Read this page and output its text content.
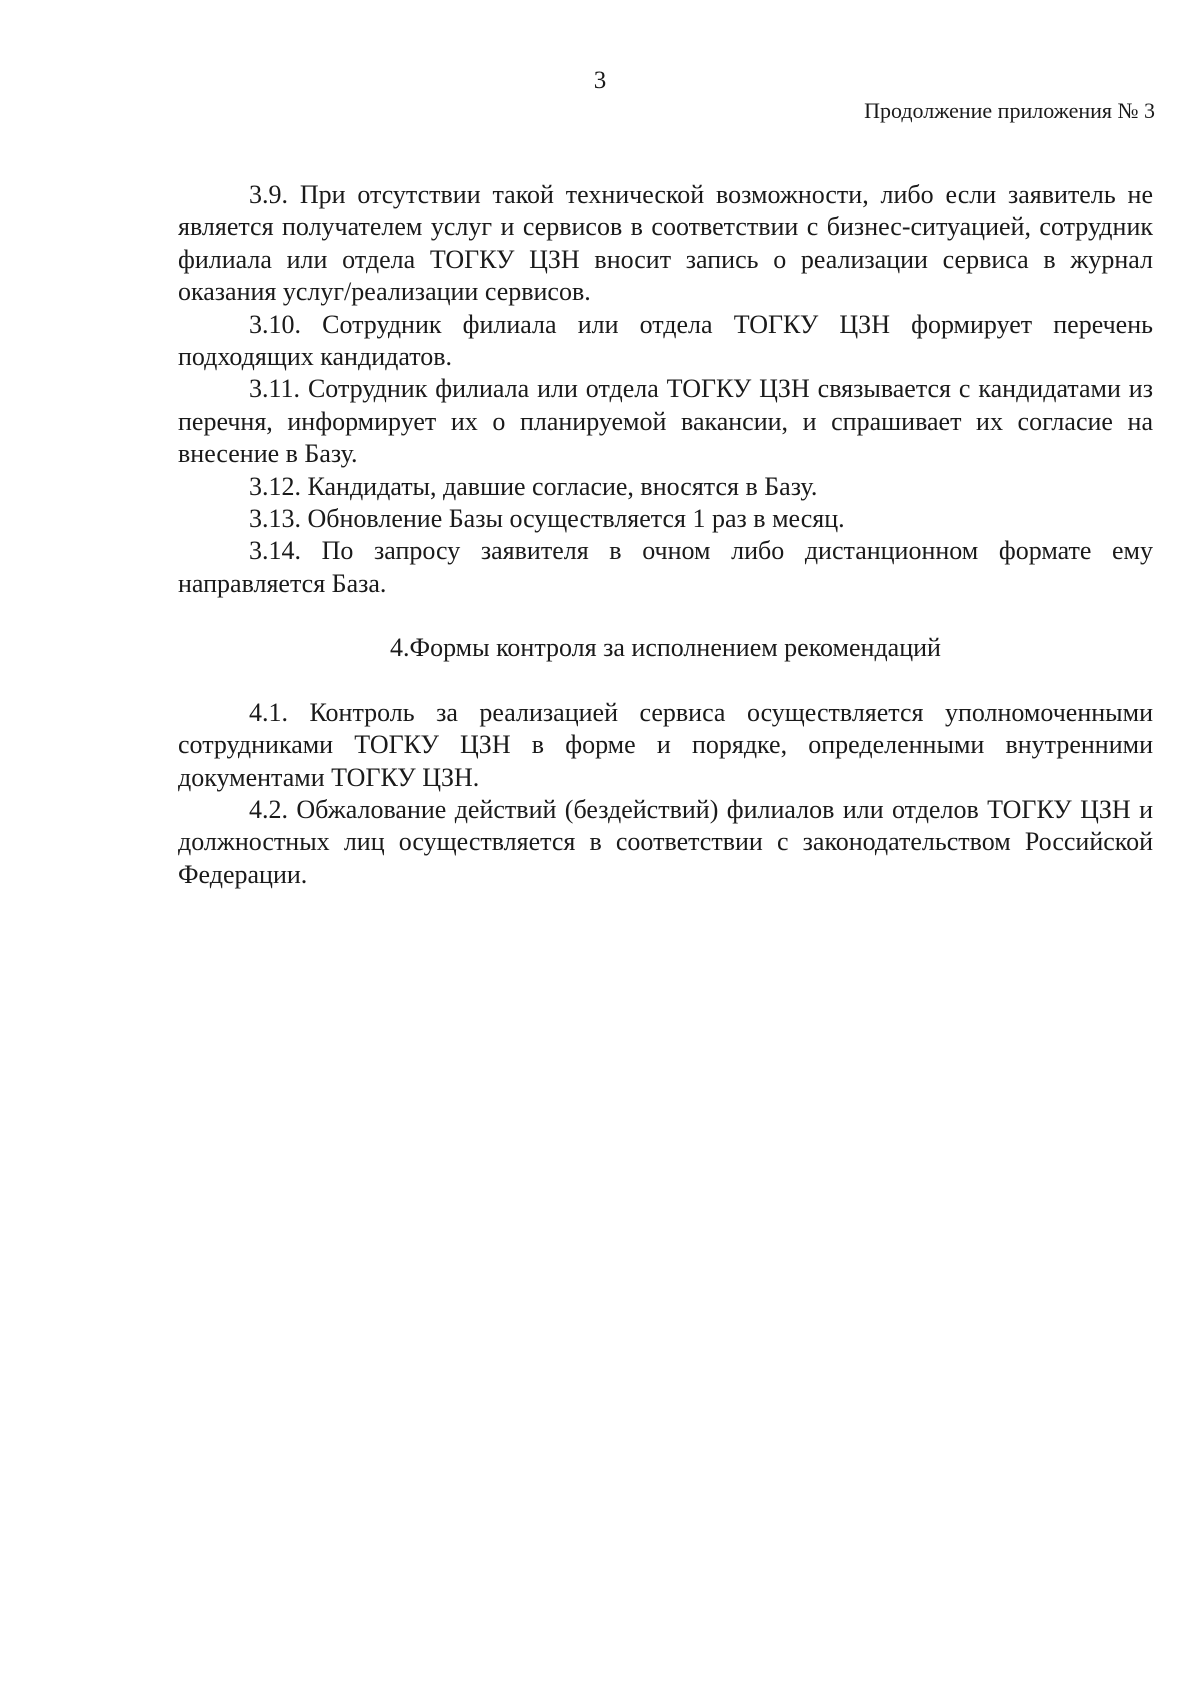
3
Продолжение приложения № 3

3.9. При отсутствии такой технической возможности, либо если заявитель не является получателем услуг и сервисов в соответствии с бизнес-ситуацией, сотрудник филиала или отдела ТОГКУ ЦЗН вносит запись о реализации сервиса в журнал оказания услуг/реализации сервисов.

3.10. Сотрудник филиала или отдела ТОГКУ ЦЗН формирует перечень подходящих кандидатов.

3.11. Сотрудник филиала или отдела ТОГКУ ЦЗН связывается с кандидатами из перечня, информирует их о планируемой вакансии, и спрашивает их согласие на внесение в Базу.

3.12. Кандидаты, давшие согласие, вносятся в Базу.

3.13. Обновление Базы осуществляется 1 раз в месяц.

3.14. По запросу заявителя в очном либо дистанционном формате ему направляется База.

4.Формы контроля за исполнением рекомендаций

4.1. Контроль за реализацией сервиса осуществляется уполномоченными сотрудниками ТОГКУ ЦЗН в форме и порядке, определенными внутренними документами ТОГКУ ЦЗН.

4.2. Обжалование действий (бездействий) филиалов или отделов ТОГКУ ЦЗН и должностных лиц осуществляется в соответствии с законодательством Российской Федерации.
